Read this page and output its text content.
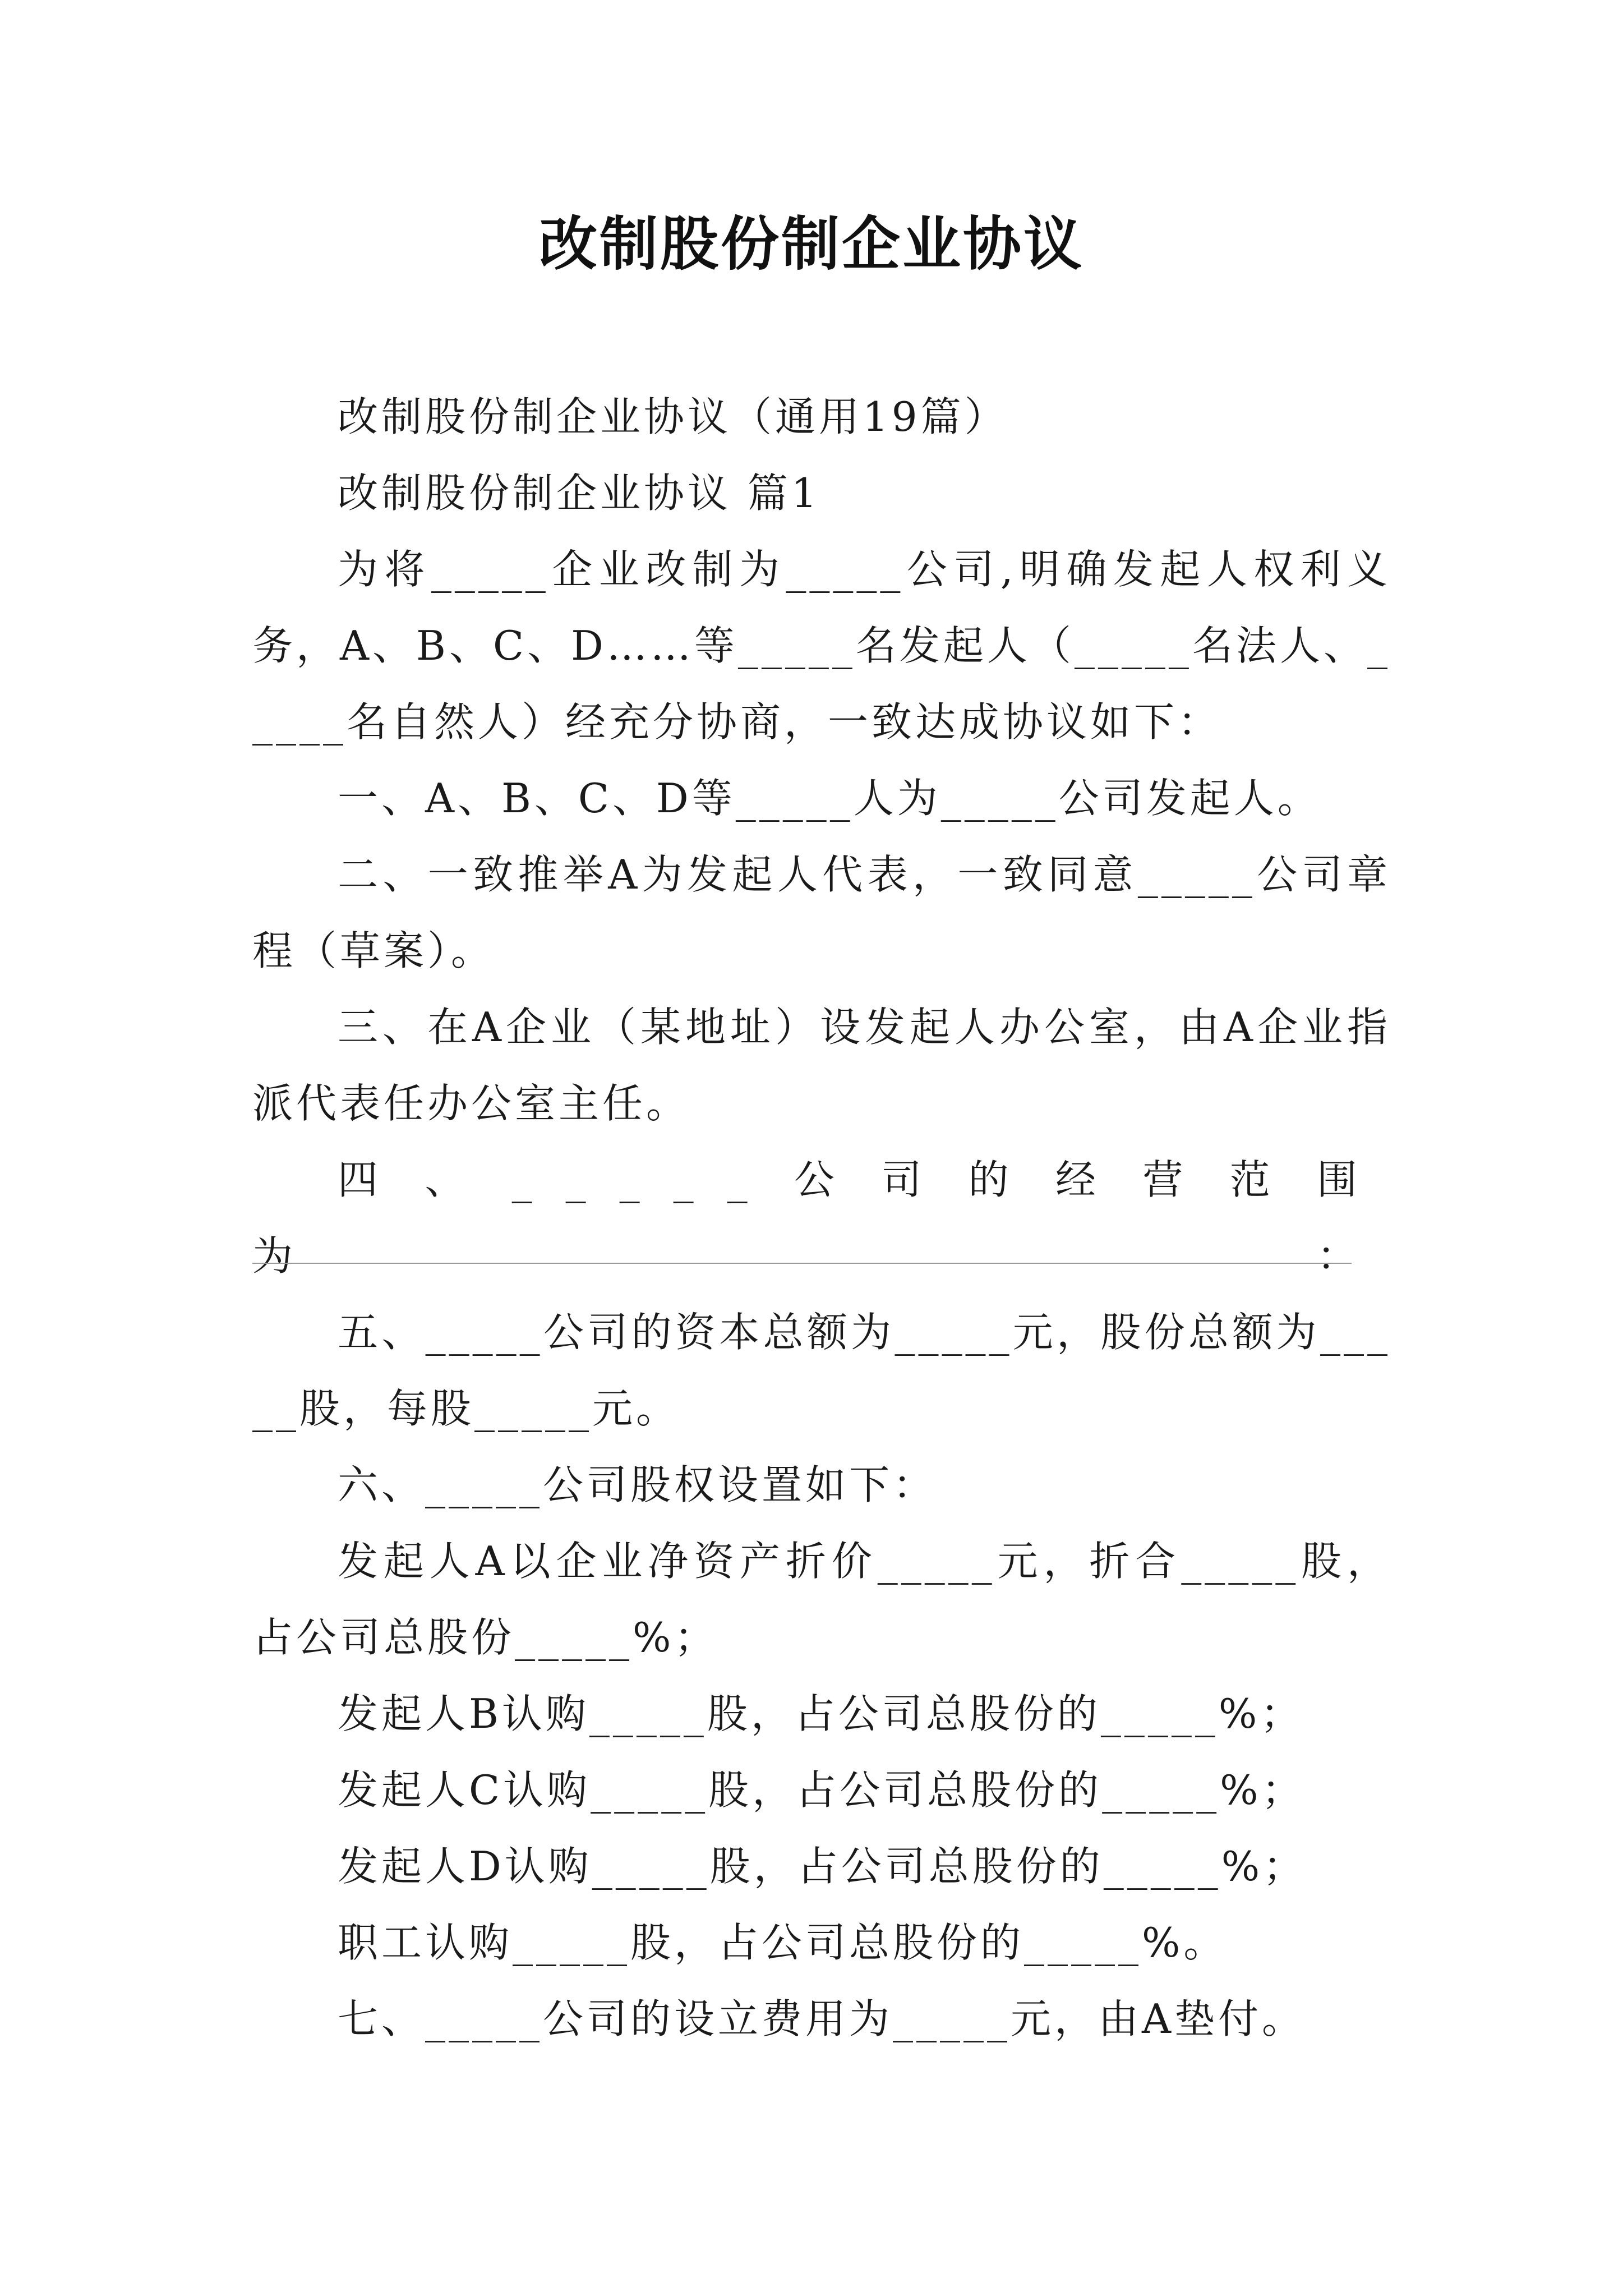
改制股份制企业协议

改制股份制企业协议（通用19篇）

改制股份制企业协议 篇1

为将_____企业改制为_____公司,明确发起人权利义务，A、B、C、D……等_____名发起人（_____名法人、_____名自然人）经充分协商，一致达成协议如下：

一、A、B、C、D等_____人为_____公司发起人。

二、一致推举A为发起人代表，一致同意_____公司章程（草案）。

三、在A企业（某地址）设发起人办公室，由A企业指派代表任办公室主任。

四、_____公司的经营范围为：

五、_____公司的资本总额为_____元，股份总额为_____股，每股_____元。

六、_____公司股权设置如下：

发起人A以企业净资产折价_____元，折合_____股，占公司总股份_____%；

发起人B认购_____股，占公司总股份的_____%；

发起人C认购_____股，占公司总股份的_____%；

发起人D认购_____股，占公司总股份的_____%；

职工认购_____股，占公司总股份的_____%。

七、_____公司的设立费用为_____元，由A垫付。
